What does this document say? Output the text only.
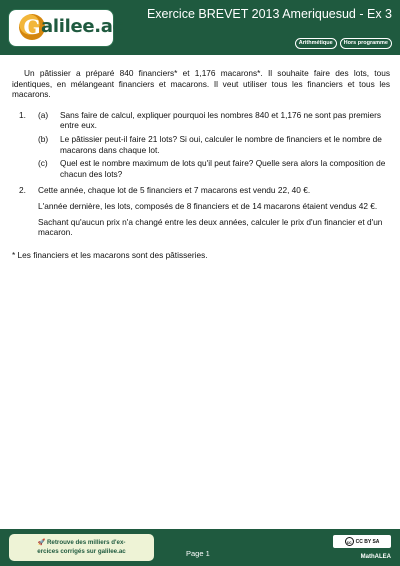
G alilee.ac
Exercice BREVET 2013 Ameriquesud - Ex 3
Arithmétique	Hors programme

Un pâtissier a préparé 840 financiers* et 1,176 macarons*. Il souhaite faire des lots, tous identiques, en mélangeant financiers et macarons. Il veut utiliser tous les financiers et tous les macarons.

1. (a) Sans faire de calcul, expliquer pourquoi les nombres 840 et 1,176 ne sont pas premiers entre eux.
(b) Le pâtissier peut-il faire 21 lots? Si oui, calculer le nombre de financiers et le nombre de macarons dans chaque lot.
(c) Quel est le nombre maximum de lots qu'il peut faire? Quelle sera alors la composition de chacun des lots?
2. Cette année, chaque lot de 5 financiers et 7 macarons est vendu 22, 40 €.

L'année dernière, les lots, composés de 8 financiers et de 14 macarons étaient vendus 42 €.

Sachant qu'aucun prix n'a changé entre les deux années, calculer le prix d'un financier et d'un macaron.

* Les financiers et les macarons sont des pâtisseries.

🚀 Retrouve des milliers d'ex-
ercices corrigés sur galilee.ac	Page 1
cc CC BY SA
MathALEA
